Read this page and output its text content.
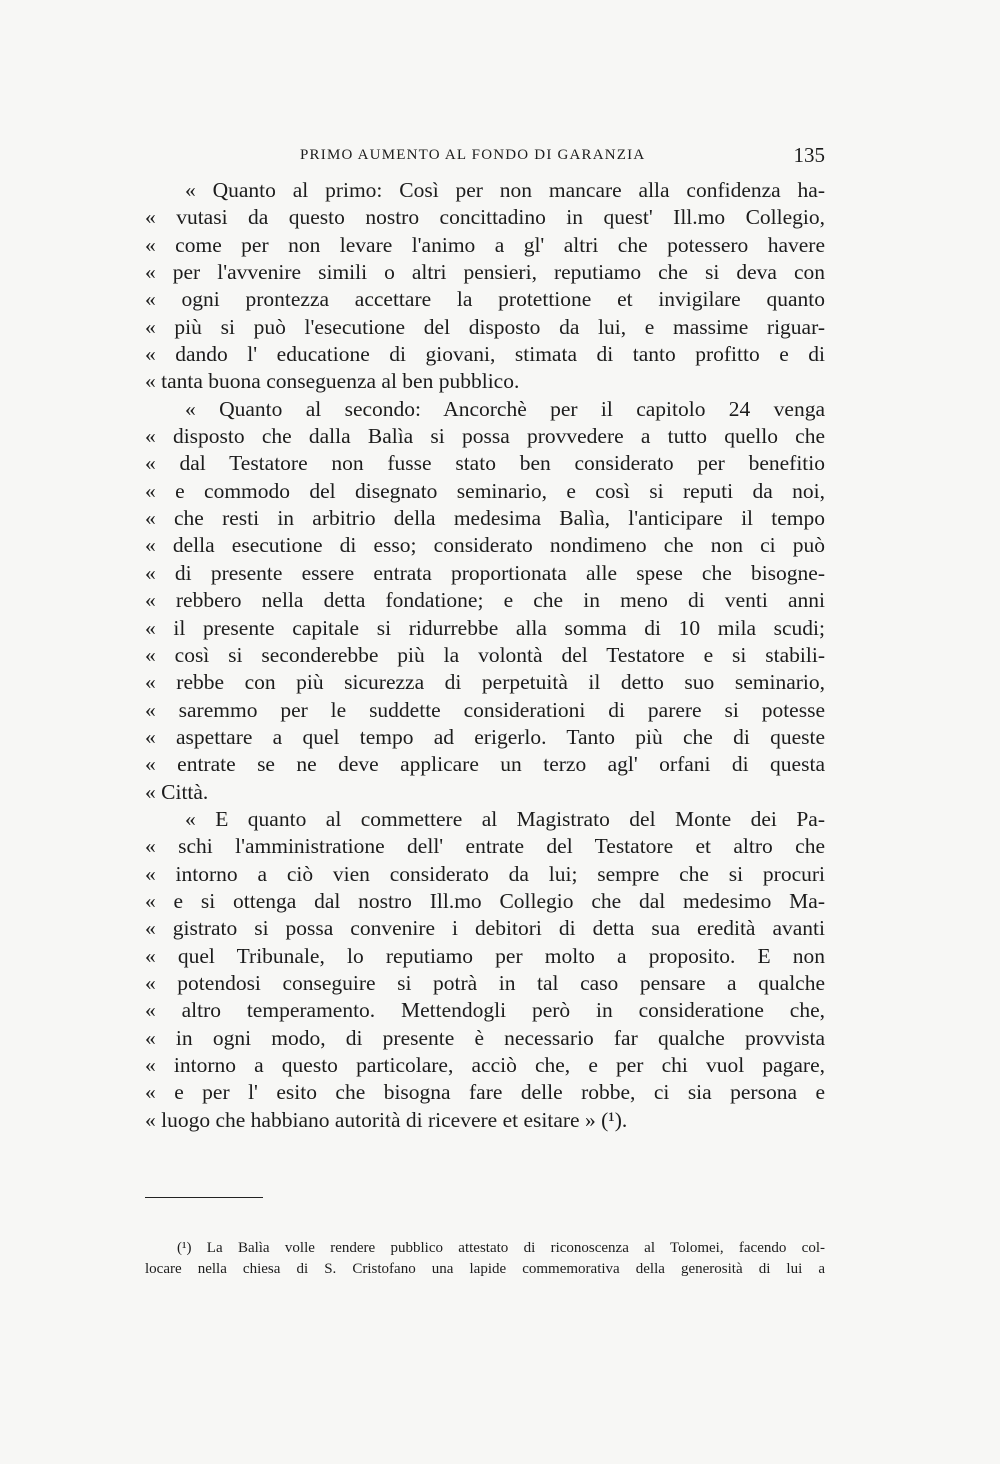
PRIMO AUMENTO AL FONDO DI GARANZIA	135
« Quanto al primo: Così per non mancare alla confidenza ha-
« vutasi da questo nostro concittadino in quest' Ill.mo Collegio,
« come per non levare l'animo a gl' altri che potessero havere
« per l'avvenire simili o altri pensieri, reputiamo che si deva con
« ogni prontezza accettare la protettione et invigilare quanto
« più si può l'esecutione del disposto da lui, e massime riguar-
« dando l' educatione di giovani, stimata di tanto profitto e di
« tanta buona conseguenza al ben pubblico.
« Quanto al secondo: Ancorchè per il capitolo 24 venga
« disposto che dalla Balìa si possa provvedere a tutto quello che
« dal Testatore non fusse stato ben considerato per benefitio
« e commodo del disegnato seminario, e così si reputi da noi,
« che resti in arbitrio della medesima Balìa, l'anticipare il tempo
« della esecutione di esso; considerato nondimeno che non ci può
« di presente essere entrata proportionata alle spese che bisogne-
« rebbero nella detta fondatione; e che in meno di venti anni
« il presente capitale si ridurrebbe alla somma di 10 mila scudi;
« così si seconderebbe più la volontà del Testatore e si stabili-
« rebbe con più sicurezza di perpetuità il detto suo seminario,
« saremmo per le suddette considerationi di parere si potesse
« aspettare a quel tempo ad erigerlo. Tanto più che di queste
« entrate se ne deve applicare un terzo agl' orfani di questa
« Città.
« E quanto al commettere al Magistrato del Monte dei Pa-
« schi l'amministratione dell' entrate del Testatore et altro che
« intorno a ciò vien considerato da lui; sempre che si procuri
« e si ottenga dal nostro Ill.mo Collegio che dal medesimo Ma-
« gistrato si possa convenire i debitori di detta sua eredità avanti
« quel Tribunale, lo reputiamo per molto a proposito. E non
« potendosi conseguire si potrà in tal caso pensare a qualche
« altro temperamento. Mettendogli però in consideratione che,
« in ogni modo, di presente è necessario far qualche provvista
« intorno a questo particolare, acciò che, e per chi vuol pagare,
« e per l' esito che bisogna fare delle robbe, ci sia persona e
« luogo che habbiano autorità di ricevere et esitare » (¹).
(¹) La Balìa volle rendere pubblico attestato di riconoscenza al Tolomei, facendo col-
locare nella chiesa di S. Cristofano una lapide commemorativa della generosità di lui a
